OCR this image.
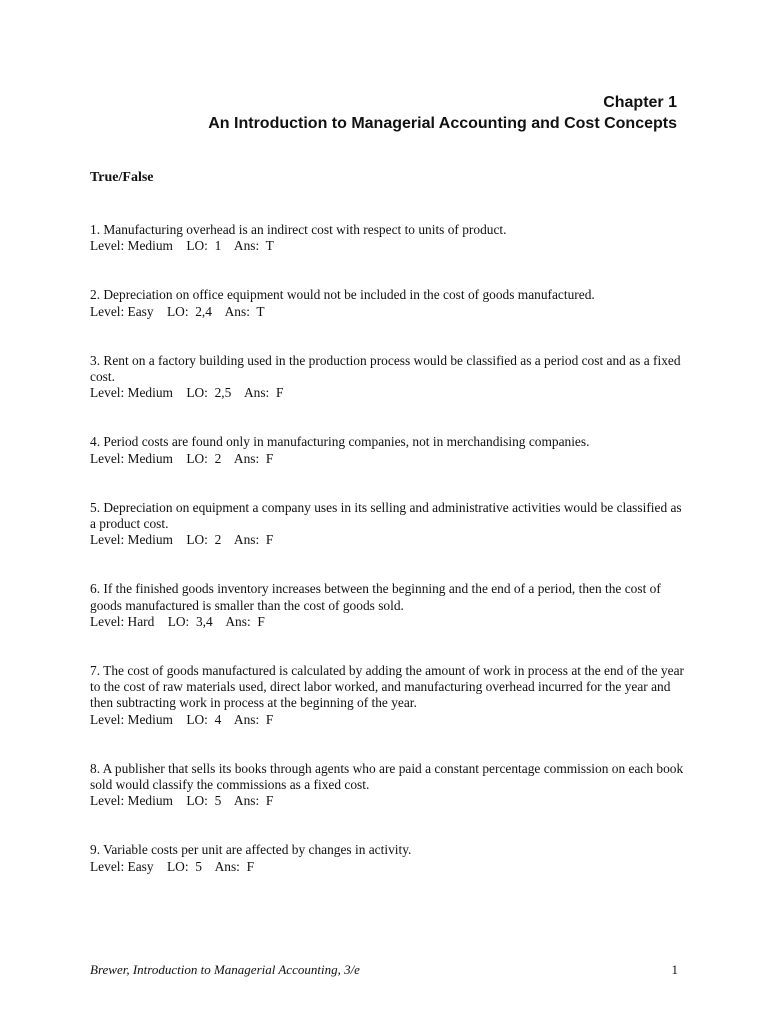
Chapter 1
An Introduction to Managerial Accounting and Cost Concepts
True/False
1. Manufacturing overhead is an indirect cost with respect to units of product.
Level: Medium    LO:  1    Ans:  T
2. Depreciation on office equipment would not be included in the cost of goods manufactured.
Level: Easy    LO:  2,4    Ans:  T
3. Rent on a factory building used in the production process would be classified as a period cost and as a fixed cost.
Level: Medium    LO:  2,5    Ans:  F
4. Period costs are found only in manufacturing companies, not in merchandising companies.
Level: Medium    LO:  2    Ans:  F
5. Depreciation on equipment a company uses in its selling and administrative activities would be classified as a product cost.
Level: Medium    LO:  2    Ans:  F
6. If the finished goods inventory increases between the beginning and the end of a period, then the cost of goods manufactured is smaller than the cost of goods sold.
Level: Hard    LO:  3,4    Ans:  F
7. The cost of goods manufactured is calculated by adding the amount of work in process at the end of the year to the cost of raw materials used, direct labor worked, and manufacturing overhead incurred for the year and then subtracting work in process at the beginning of the year.
Level: Medium    LO:  4    Ans:  F
8. A publisher that sells its books through agents who are paid a constant percentage commission on each book sold would classify the commissions as a fixed cost.
Level: Medium    LO:  5    Ans:  F
9. Variable costs per unit are affected by changes in activity.
Level: Easy    LO:  5    Ans:  F
Brewer, Introduction to Managerial Accounting, 3/e	1
